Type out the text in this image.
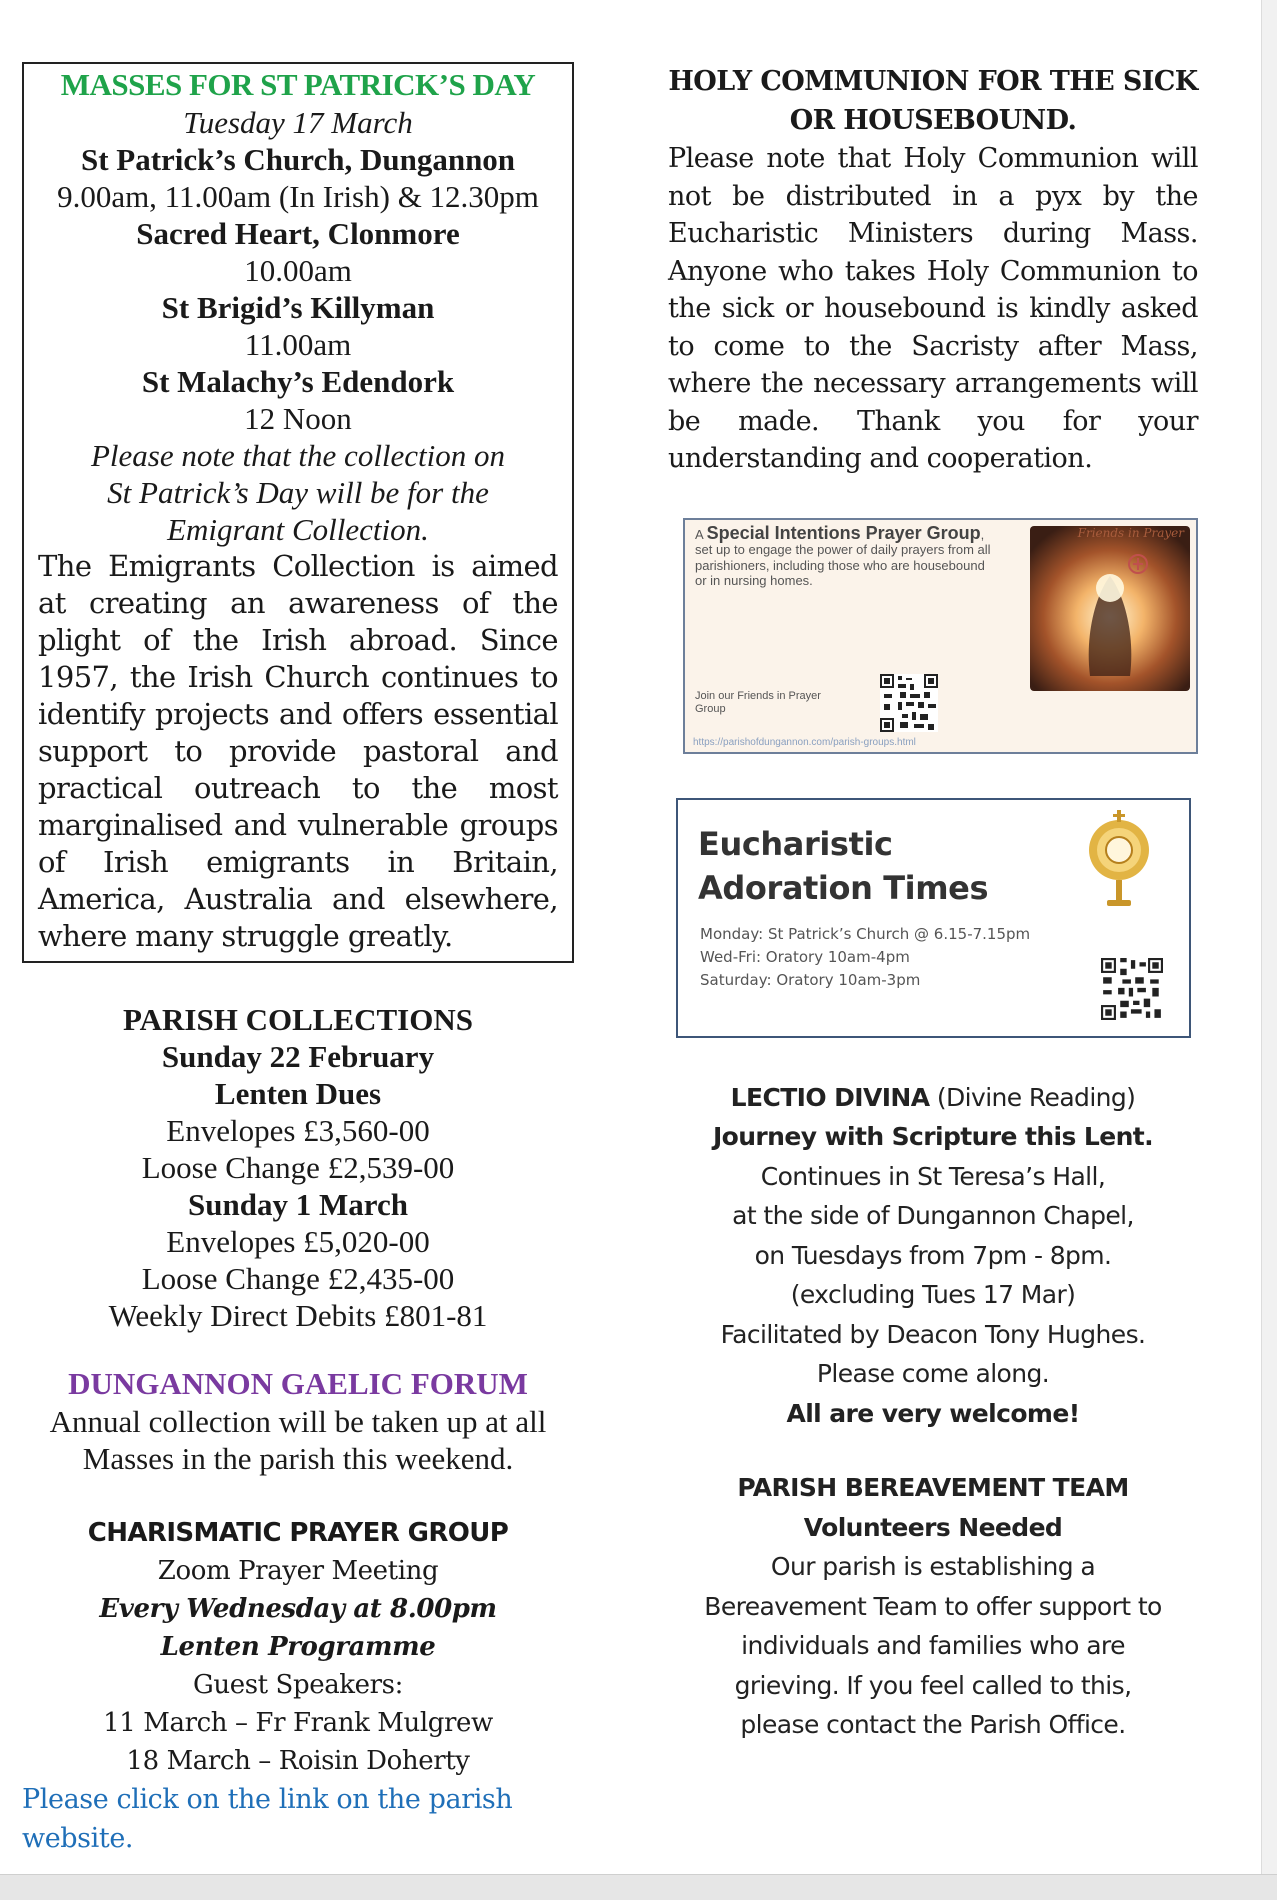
MASSES FOR ST PATRICK’S DAY
Tuesday 17 March
St Patrick’s Church, Dungannon
9.00am, 11.00am (In Irish) & 12.30pm
Sacred Heart, Clonmore
10.00am
St Brigid’s Killyman
11.00am
St Malachy’s Edendork
12 Noon
Please note that the collection on
St Patrick’s Day will be for the
Emigrant Collection.
The Emigrants Collection is aimed at creating an awareness of the plight of the Irish abroad. Since 1957, the Irish Church continues to identify projects and offers essential support to provide pastoral and practical outreach to the most marginalised and vulnerable groups of Irish emigrants in Britain, America, Australia and elsewhere, where many struggle greatly.
PARISH COLLECTIONS
Sunday 22 February
Lenten Dues
Envelopes £3,560-00
Loose Change £2,539-00
Sunday 1 March
Envelopes £5,020-00
Loose Change £2,435-00
Weekly Direct Debits £801-81
DUNGANNON GAELIC FORUM
Annual collection will be taken up at all
Masses in the parish this weekend.
CHARISMATIC PRAYER GROUP
Zoom Prayer Meeting
Every Wednesday at 8.00pm
Lenten Programme
Guest Speakers:
11 March – Fr Frank Mulgrew
18 March – Roisin Doherty
Please click on the link on the parish website.
HOLY COMMUNION FOR THE SICK
OR HOUSEBOUND.
Please note that Holy Communion will not be distributed in a pyx by the Eucharistic Ministers during Mass. Anyone who takes Holy Communion to the sick or housebound is kindly asked to come to the Sacristy after Mass, where the necessary arrangements will be made. Thank you for your understanding and cooperation.
A Special Intentions Prayer Group, set up to engage the power of daily prayers from all parishioners, including those who are housebound or in nursing homes.
Friends in Prayer
Join our Friends in Prayer Group
https://parishofdungannon.com/parish-groups.html
Eucharistic
Adoration Times
Monday: St Patrick’s Church @ 6.15-7.15pm
Wed-Fri: Oratory 10am-4pm
Saturday: Oratory 10am-3pm
LECTIO DIVINA (Divine Reading)
Journey with Scripture this Lent.
Continues in St Teresa’s Hall,
at the side of Dungannon Chapel,
on Tuesdays from 7pm - 8pm.
(excluding Tues 17 Mar)
Facilitated by Deacon Tony Hughes.
Please come along.
All are very welcome!
PARISH BEREAVEMENT TEAM
Volunteers Needed
Our parish is establishing a
Bereavement Team to offer support to
individuals and families who are
grieving. If you feel called to this,
please contact the Parish Office.
